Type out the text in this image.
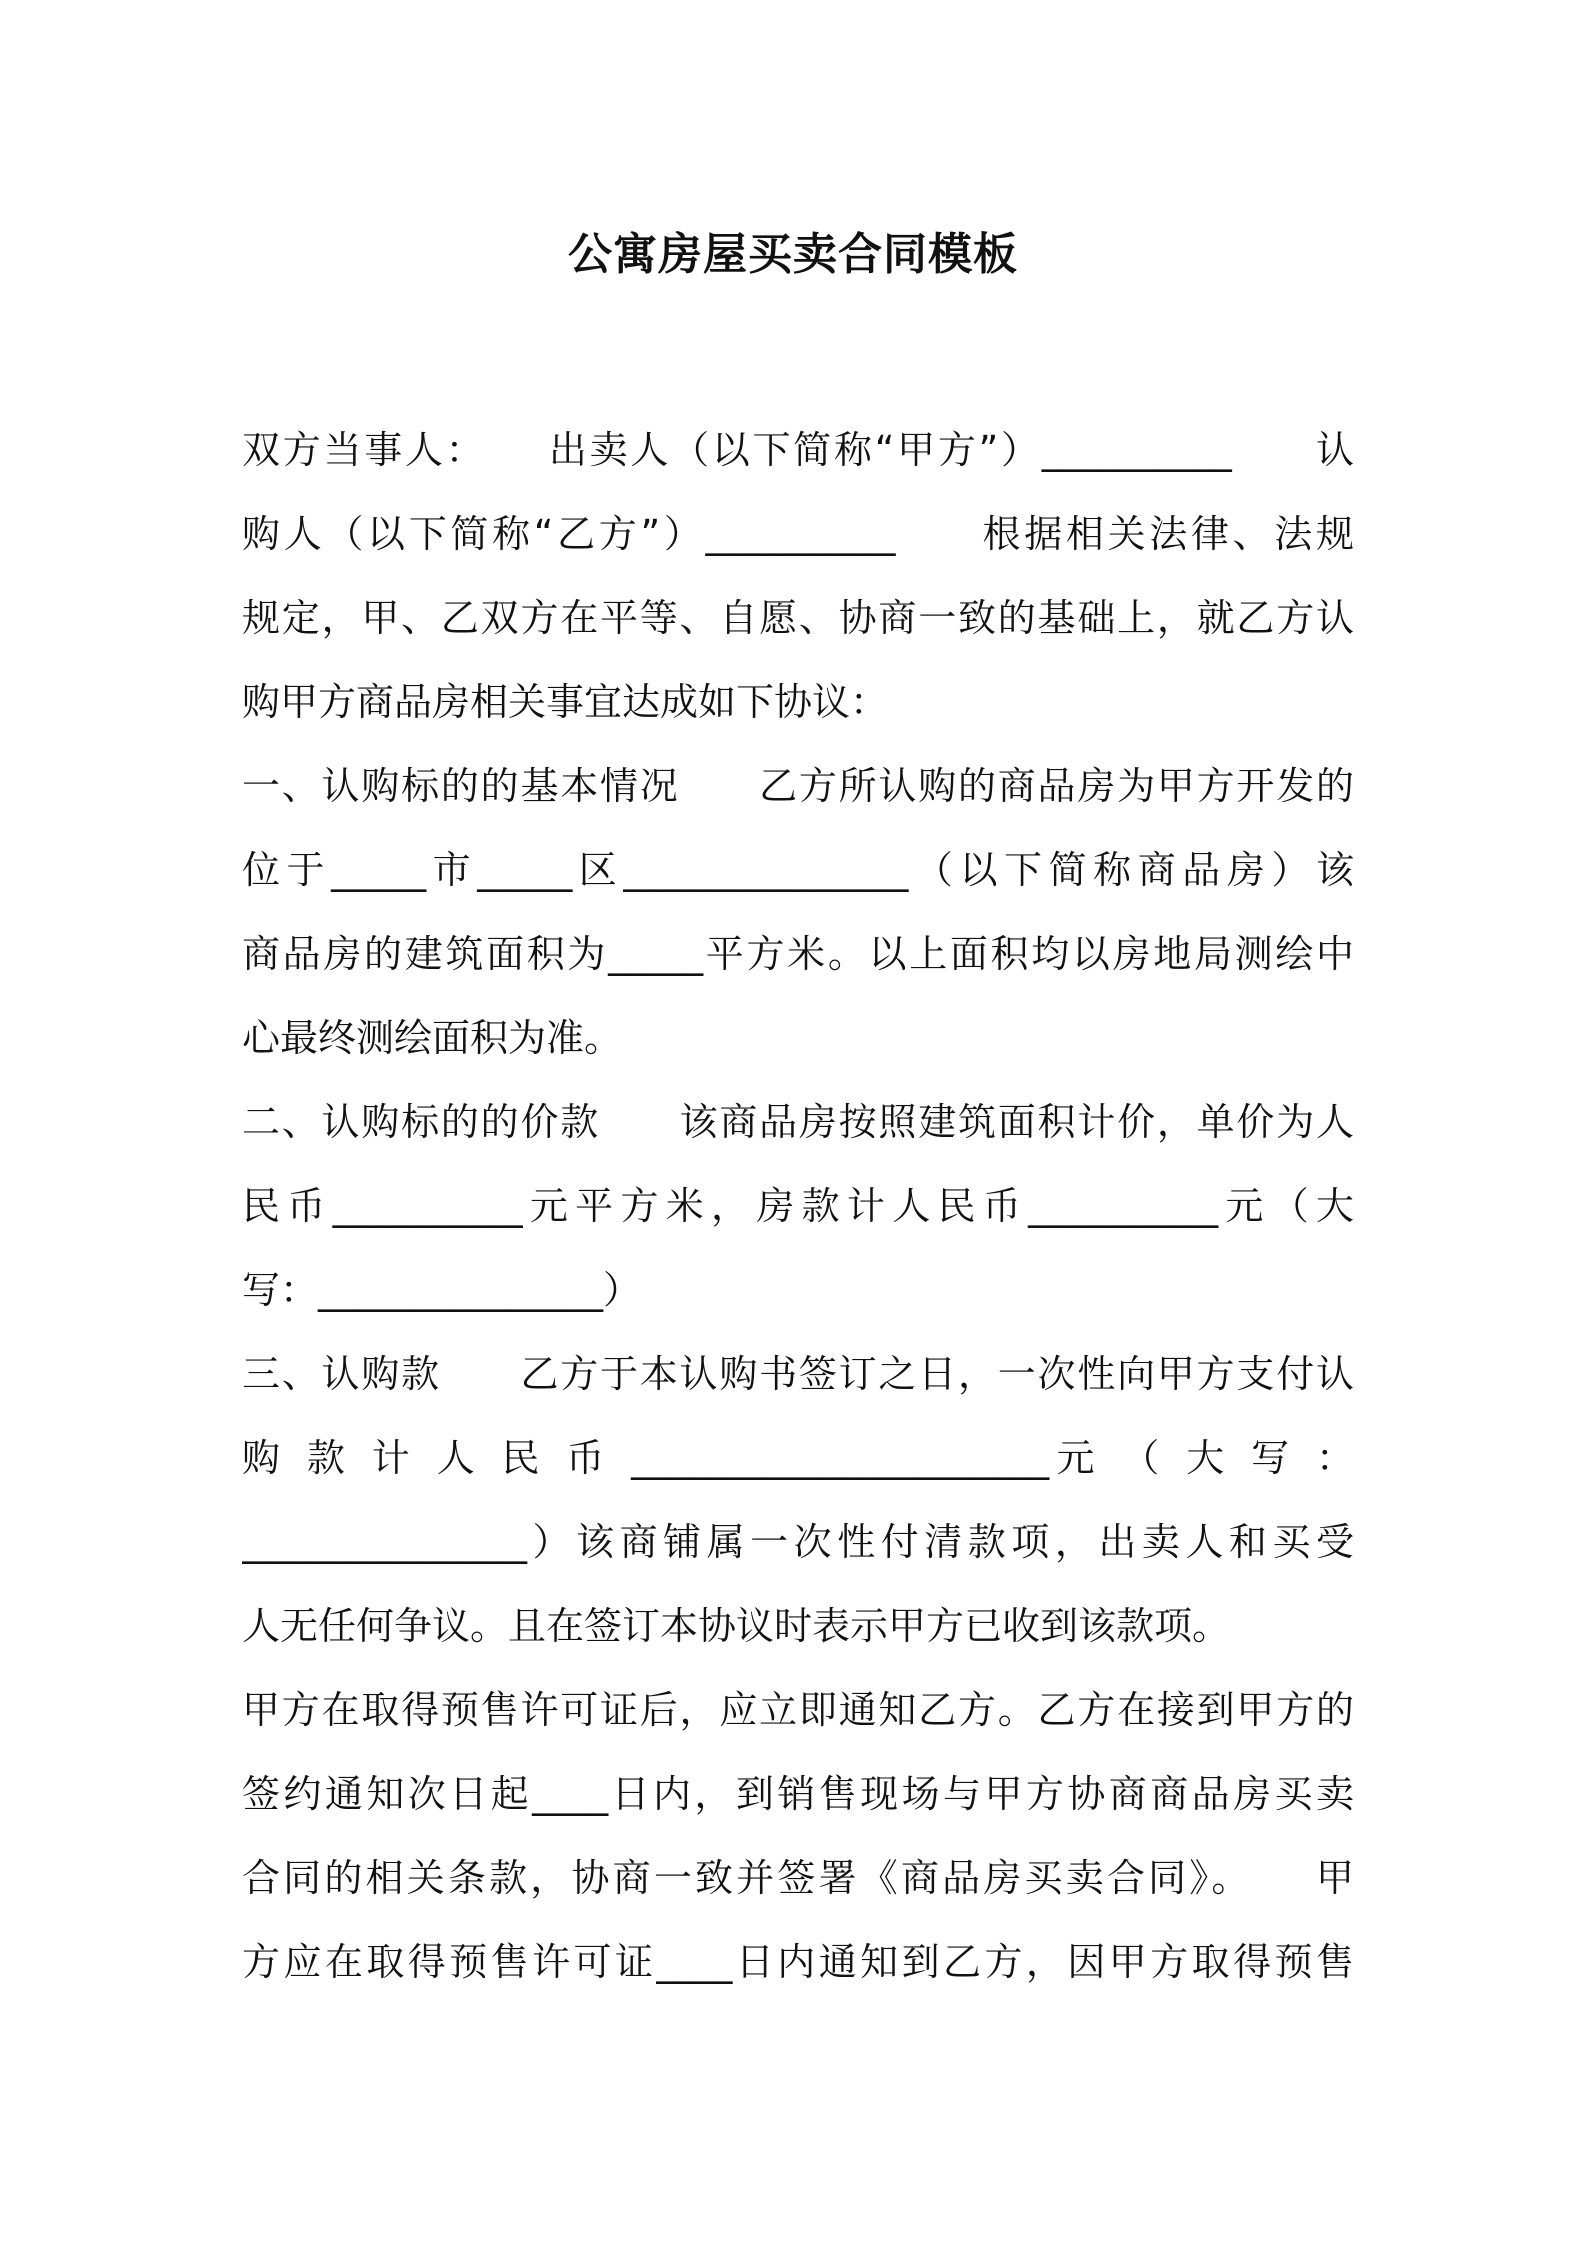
公寓房屋买卖合同模板
双方当事人：　　出卖人（以下简称“甲方”）__________　　认
购人（以下简称“乙方”）__________　　根据相关法律、法规
规定，甲、乙双方在平等、自愿、协商一致的基础上，就乙方认
购甲方商品房相关事宜达成如下协议：
一、认购标的的基本情况　　乙方所认购的商品房为甲方开发的
位于_____市_____区_______________（以下简称商品房）该
商品房的建筑面积为_____平方米。以上面积均以房地局测绘中
心最终测绘面积为准。
二、认购标的的价款　　该商品房按照建筑面积计价，单价为人
民币__________元平方米，房款计人民币__________元（大
写：_______________）
三、认购款　　乙方于本认购书签订之日，一次性向甲方支付认
购 款 计 人 民 币 ______________________元 （ 大 写 ：
_______________）该商铺属一次性付清款项，出卖人和买受
人无任何争议。且在签订本协议时表示甲方已收到该款项。
甲方在取得预售许可证后，应立即通知乙方。乙方在接到甲方的
签约通知次日起____日内，到销售现场与甲方协商商品房买卖
合同的相关条款，协商一致并签署《商品房买卖合同》。　　甲
方应在取得预售许可证____日内通知到乙方，因甲方取得预售
